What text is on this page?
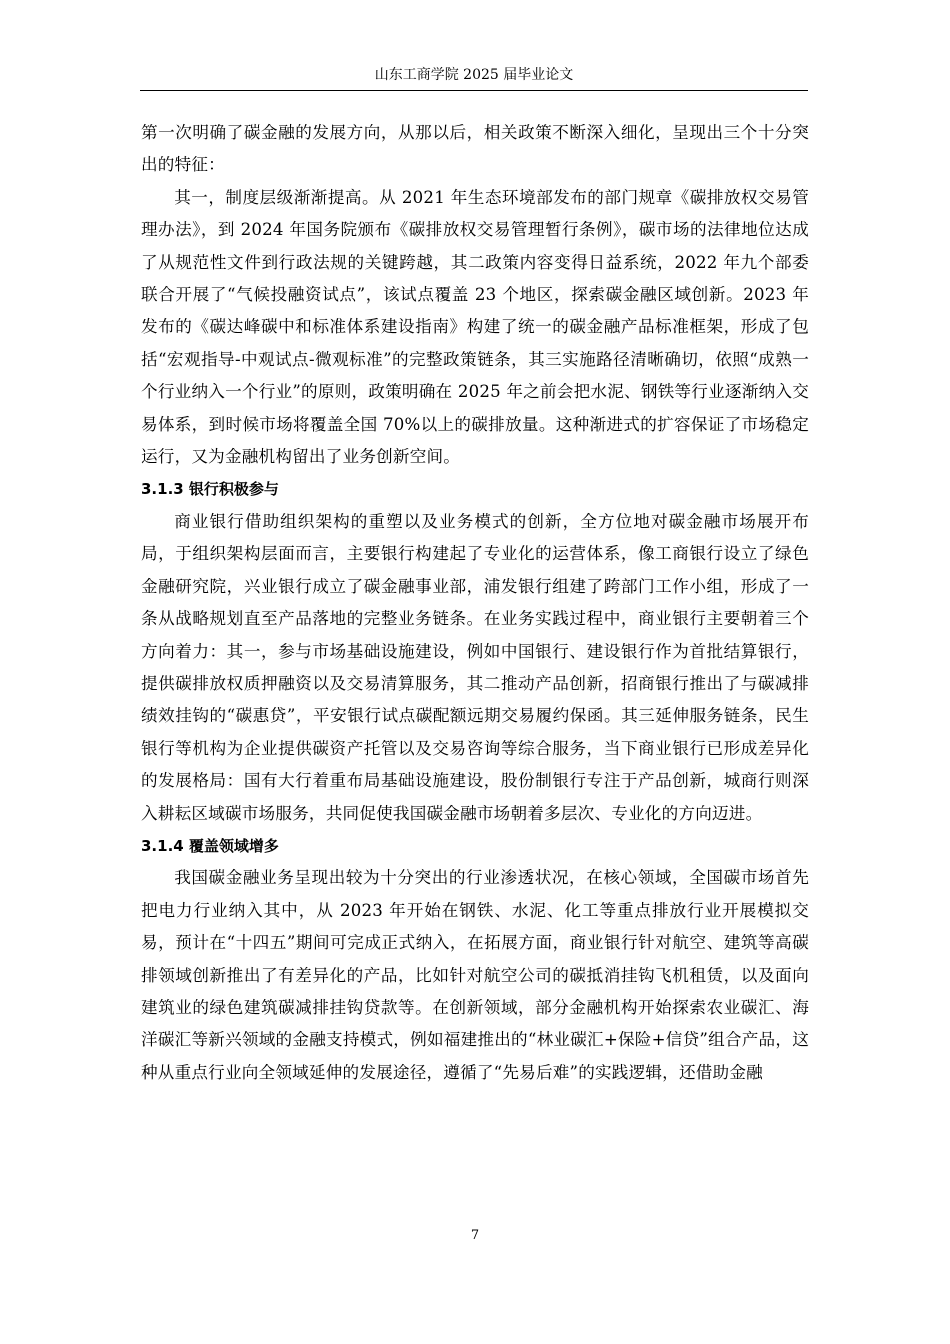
山东工商学院 2025 届毕业论文

第一次明确了碳金融的发展方向，从那以后，相关政策不断深入细化，呈现出三个十分突出的特征：

其一，制度层级渐渐提高。从 2021 年生态环境部发布的部门规章《碳排放权交易管理办法》，到 2024 年国务院颁布《碳排放权交易管理暂行条例》，碳市场的法律地位达成了从规范性文件到行政法规的关键跨越，其二政策内容变得日益系统，2022 年九个部委联合开展了“气候投融资试点”，该试点覆盖 23 个地区，探索碳金融区域创新。2023 年发布的《碳达峰碳中和标准体系建设指南》构建了统一的碳金融产品标准框架，形成了包括“宏观指导-中观试点-微观标准”的完整政策链条，其三实施路径清晰确切，依照“成熟一个行业纳入一个行业”的原则，政策明确在 2025 年之前会把水泥、钢铁等行业逐渐纳入交易体系，到时候市场将覆盖全国 70%以上的碳排放量。这种渐进式的扩容保证了市场稳定运行，又为金融机构留出了业务创新空间。

3.1.3 银行积极参与

商业银行借助组织架构的重塑以及业务模式的创新，全方位地对碳金融市场展开布局，于组织架构层面而言，主要银行构建起了专业化的运营体系，像工商银行设立了绿色金融研究院，兴业银行成立了碳金融事业部，浦发银行组建了跨部门工作小组，形成了一条从战略规划直至产品落地的完整业务链条。在业务实践过程中，商业银行主要朝着三个方向着力：其一，参与市场基础设施建设，例如中国银行、建设银行作为首批结算银行，提供碳排放权质押融资以及交易清算服务，其二推动产品创新，招商银行推出了与碳减排绩效挂钩的“碳惠贷”，平安银行试点碳配额远期交易履约保函。其三延伸服务链条，民生银行等机构为企业提供碳资产托管以及交易咨询等综合服务，当下商业银行已形成差异化的发展格局：国有大行着重布局基础设施建设，股份制银行专注于产品创新，城商行则深入耕耘区域碳市场服务，共同促使我国碳金融市场朝着多层次、专业化的方向迈进。

3.1.4 覆盖领域增多

我国碳金融业务呈现出较为十分突出的行业渗透状况，在核心领域，全国碳市场首先把电力行业纳入其中，从 2023 年开始在钢铁、水泥、化工等重点排放行业开展模拟交易，预计在“十四五”期间可完成正式纳入，在拓展方面，商业银行针对航空、建筑等高碳排领域创新推出了有差异化的产品，比如针对航空公司的碳抵消挂钩飞机租赁，以及面向建筑业的绿色建筑碳减排挂钩贷款等。在创新领域，部分金融机构开始探索农业碳汇、海洋碳汇等新兴领域的金融支持模式，例如福建推出的“林业碳汇+保险+信贷”组合产品，这种从重点行业向全领域延伸的发展途径，遵循了“先易后难”的实践逻辑，还借助金融

7
